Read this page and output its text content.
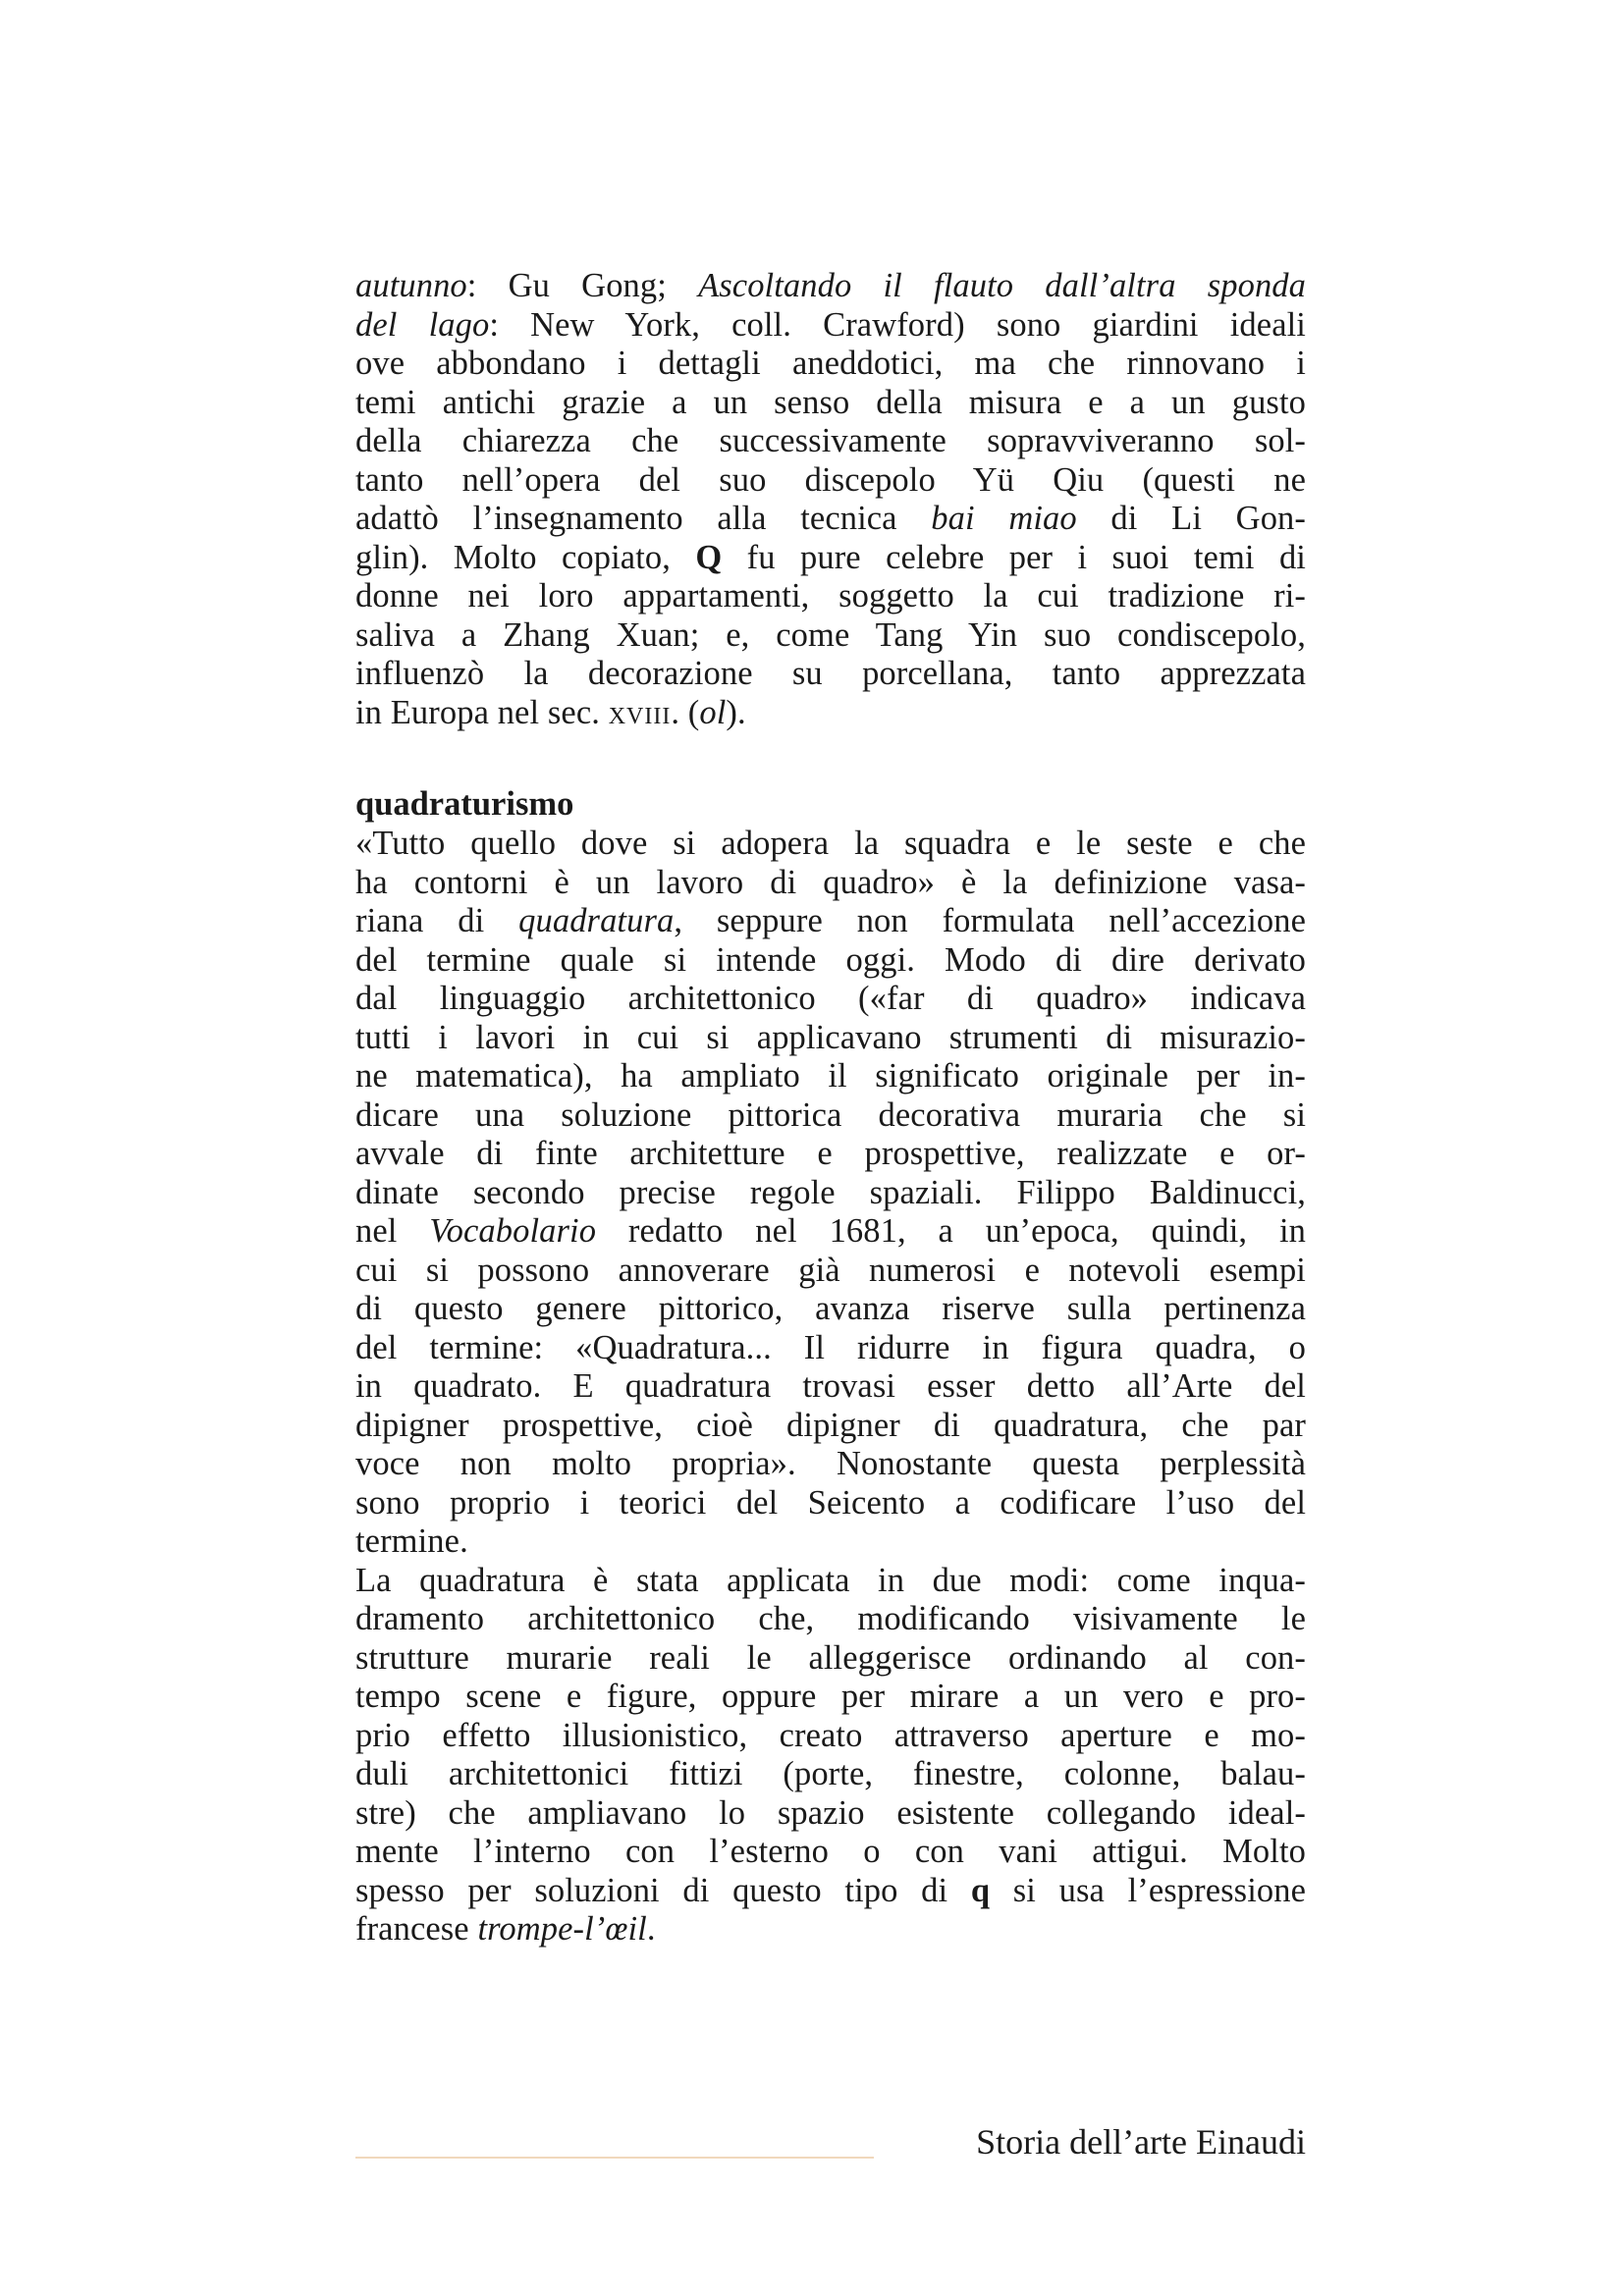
autunno: Gu Gong; Ascoltando il flauto dall’altra sponda
del lago: New York, coll. Crawford) sono giardini ideali
ove abbondano i dettagli aneddotici, ma che rinnovano i
temi antichi grazie a un senso della misura e a un gusto
della chiarezza che successivamente sopravviveranno sol-
tanto nell’opera del suo discepolo Yü Qiu (questi ne
adattò l’insegnamento alla tecnica bai miao di Li Gon-
glin). Molto copiato, Q fu pure celebre per i suoi temi di
donne nei loro appartamenti, soggetto la cui tradizione ri-
saliva a Zhang Xuan; e, come Tang Yin suo condiscepolo,
influenzò la decorazione su porcellana, tanto apprezzata
in Europa nel sec. XVIII. (ol).
quadraturismo
«Tutto quello dove si adopera la squadra e le seste e che
ha contorni è un lavoro di quadro» è la definizione vasa-
riana di quadratura, seppure non formulata nell’accezione
del termine quale si intende oggi. Modo di dire derivato
dal linguaggio architettonico («far di quadro» indicava
tutti i lavori in cui si applicavano strumenti di misurazio-
ne matematica), ha ampliato il significato originale per in-
dicare una soluzione pittorica decorativa muraria che si
avvale di finte architetture e prospettive, realizzate e or-
dinate secondo precise regole spaziali. Filippo Baldinucci,
nel Vocabolario redatto nel 1681, a un’epoca, quindi, in
cui si possono annoverare già numerosi e notevoli esempi
di questo genere pittorico, avanza riserve sulla pertinenza
del termine: «Quadratura... Il ridurre in figura quadra, o
in quadrato. E quadratura trovasi esser detto all’Arte del
dipigner prospettive, cioè dipigner di quadratura, che par
voce non molto propria». Nonostante questa perplessità
sono proprio i teorici del Seicento a codificare l’uso del
termine.
La quadratura è stata applicata in due modi: come inqua-
dramento architettonico che, modificando visivamente le
strutture murarie reali le alleggerisce ordinando al con-
tempo scene e figure, oppure per mirare a un vero e pro-
prio effetto illusionistico, creato attraverso aperture e mo-
duli architettonici fittizi (porte, finestre, colonne, balau-
stre) che ampliavano lo spazio esistente collegando ideal-
mente l’interno con l’esterno o con vani attigui. Molto
spesso per soluzioni di questo tipo di q si usa l’espressione
francese trompe-l’œil.
Storia dell’arte Einaudi
